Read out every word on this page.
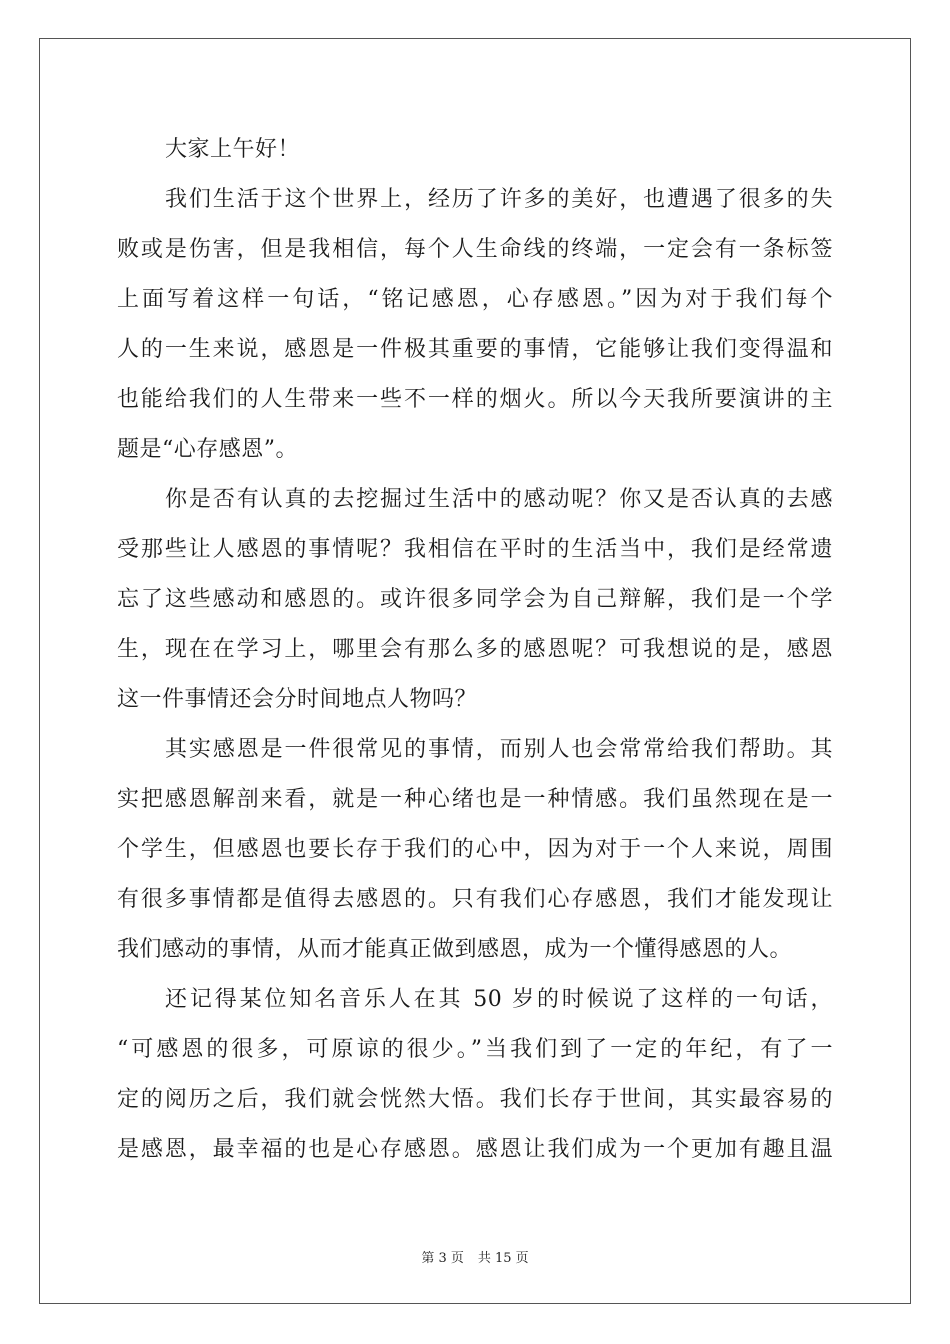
大家上午好！
我们生活于这个世界上，经历了许多的美好，也遭遇了很多的失
败或是伤害，但是我相信，每个人生命线的终端，一定会有一条标签
上面写着这样一句话，“铭记感恩，心存感恩。”因为对于我们每个
人的一生来说，感恩是一件极其重要的事情，它能够让我们变得温和
也能给我们的人生带来一些不一样的烟火。所以今天我所要演讲的主
题是“心存感恩”。
你是否有认真的去挖掘过生活中的感动呢？你又是否认真的去感
受那些让人感恩的事情呢？我相信在平时的生活当中，我们是经常遗
忘了这些感动和感恩的。或许很多同学会为自己辩解，我们是一个学
生，现在在学习上，哪里会有那么多的感恩呢？可我想说的是，感恩
这一件事情还会分时间地点人物吗？
其实感恩是一件很常见的事情，而别人也会常常给我们帮助。其
实把感恩解剖来看，就是一种心绪也是一种情感。我们虽然现在是一
个学生，但感恩也要长存于我们的心中，因为对于一个人来说，周围
有很多事情都是值得去感恩的。只有我们心存感恩，我们才能发现让
我们感动的事情，从而才能真正做到感恩，成为一个懂得感恩的人。
还记得某位知名音乐人在其 50 岁的时候说了这样的一句话，
“可感恩的很多，可原谅的很少。”当我们到了一定的年纪，有了一
定的阅历之后，我们就会恍然大悟。我们长存于世间，其实最容易的
是感恩，最幸福的也是心存感恩。感恩让我们成为一个更加有趣且温
第 3 页 共 15 页
